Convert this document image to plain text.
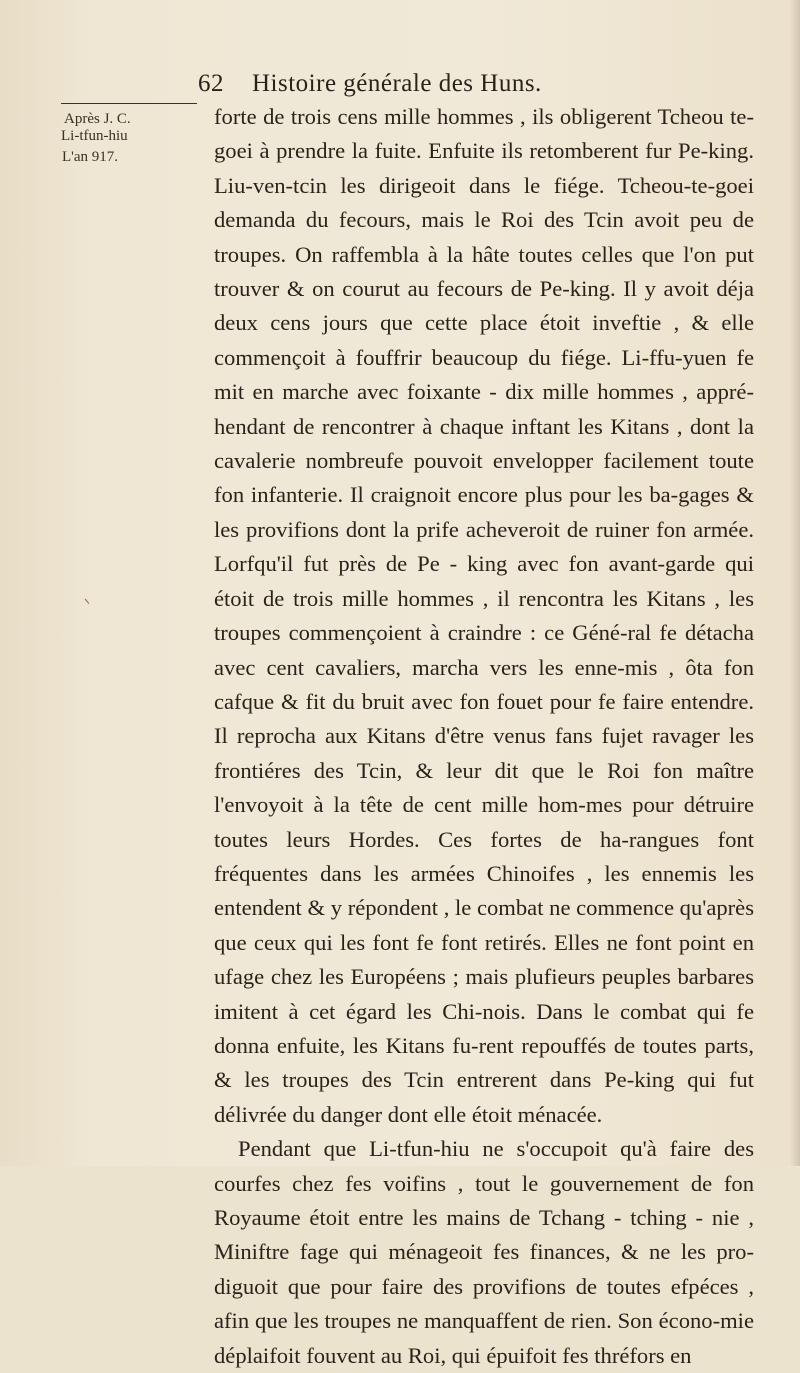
62 Histoire générale des Huns.
Après J. C.
Li-tfun-hiu
L'an 917.

forte de trois cens mille hommes , ils obligerent Tcheou te-goei à prendre la fuite. Enfuite ils retomberent fur Pe-king. Liu-ven-tcin les dirigeoit dans le fiége. Tcheou-te-goei demanda du fecours, mais le Roi des Tcin avoit peu de troupes. On raffembla à la hâte toutes celles que l'on put trouver & on courut au fecours de Pe-king. Il y avoit déja deux cens jours que cette place étoit inveftie , & elle commençoit à fouffrir beaucoup du fiége. Li-ffu-yuen fe mit en marche avec foixante - dix mille hommes , appré-hendant de rencontrer à chaque inftant les Kitans , dont la cavalerie nombreufe pouvoit envelopper facilement toute fon infanterie. Il craignoit encore plus pour les ba-gages & les provifions dont la prife acheveroit de ruiner fon armée. Lorfqu'il fut près de Pe - king avec fon avant-garde qui étoit de trois mille hommes , il rencontra les Kitans , les troupes commençoient à craindre : ce Géné-ral fe détacha avec cent cavaliers, marcha vers les enne-mis , ôta fon cafque & fit du bruit avec fon fouet pour fe faire entendre. Il reprocha aux Kitans d'être venus fans fujet ravager les frontiéres des Tcin, & leur dit que le Roi fon maître l'envoyoit à la tête de cent mille hom-mes pour détruire toutes leurs Hordes. Ces fortes de ha-rangues font fréquentes dans les armées Chinoifes , les ennemis les entendent & y répondent , le combat ne commence qu'après que ceux qui les font fe font retirés. Elles ne font point en ufage chez les Européens ; mais plufieurs peuples barbares imitent à cet égard les Chi-nois. Dans le combat qui fe donna enfuite, les Kitans fu-rent repouffés de toutes parts, & les troupes des Tcin entrerent dans Pe-king qui fut délivrée du danger dont elle étoit ménacée.

Pendant que Li-tfun-hiu ne s'occupoit qu'à faire des courfes chez fes voifins , tout le gouvernement de fon Royaume étoit entre les mains de Tchang - tching - nie , Miniftre fage qui ménageoit fes finances, & ne les pro-diguoit que pour faire des provifions de toutes efpéces , afin que les troupes ne manquaffent de rien. Son écono-mie déplaifoit fouvent au Roi, qui épuifoit fes thréfors en
